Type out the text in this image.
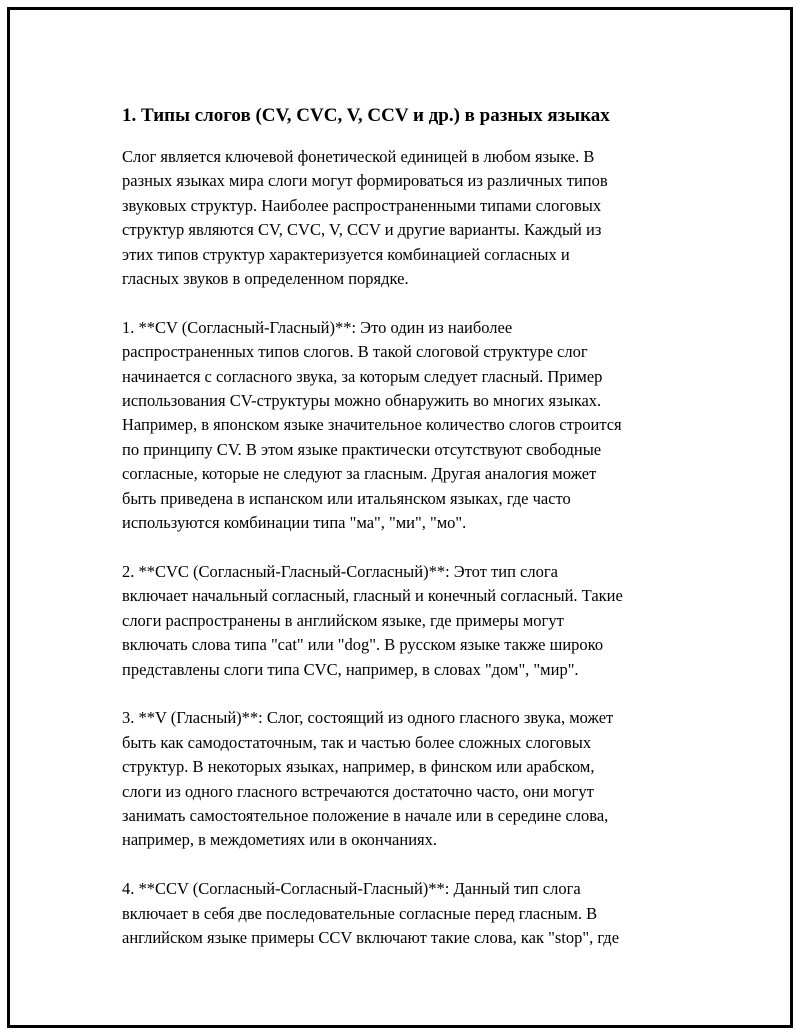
1. Типы слогов (CV, CVC, V, CCV и др.) в разных языках

Слог является ключевой фонетической единицей в любом языке. В
разных языках мира слоги могут формироваться из различных типов
звуковых структур. Наиболее распространенными типами слоговых
структур являются CV, CVC, V, CCV и другие варианты. Каждый из
этих типов структур характеризуется комбинацией согласных и
гласных звуков в определенном порядке.

1. **CV (Согласный-Гласный)**: Это один из наиболее
распространенных типов слогов. В такой слоговой структуре слог
начинается с согласного звука, за которым следует гласный. Пример
использования CV-структуры можно обнаружить во многих языках.
Например, в японском языке значительное количество слогов строится
по принципу CV. В этом языке практически отсутствуют свободные
согласные, которые не следуют за гласным. Другая аналогия может
быть приведена в испанском или итальянском языках, где часто
используются комбинации типа "ма", "ми", "мо".

2. **CVC (Согласный-Гласный-Согласный)**: Этот тип слога
включает начальный согласный, гласный и конечный согласный. Такие
слоги распространены в английском языке, где примеры могут
включать слова типа "cat" или "dog". В русском языке также широко
представлены слоги типа CVC, например, в словах "дом", "мир".

3. **V (Гласный)**: Слог, состоящий из одного гласного звука, может
быть как самодостаточным, так и частью более сложных слоговых
структур. В некоторых языках, например, в финском или арабском,
слоги из одного гласного встречаются достаточно часто, они могут
занимать самостоятельное положение в начале или в середине слова,
например, в междометиях или в окончаниях.

4. **CCV (Согласный-Согласный-Гласный)**: Данный тип слога
включает в себя две последовательные согласные перед гласным. В
английском языке примеры CCV включают такие слова, как "stop", где
